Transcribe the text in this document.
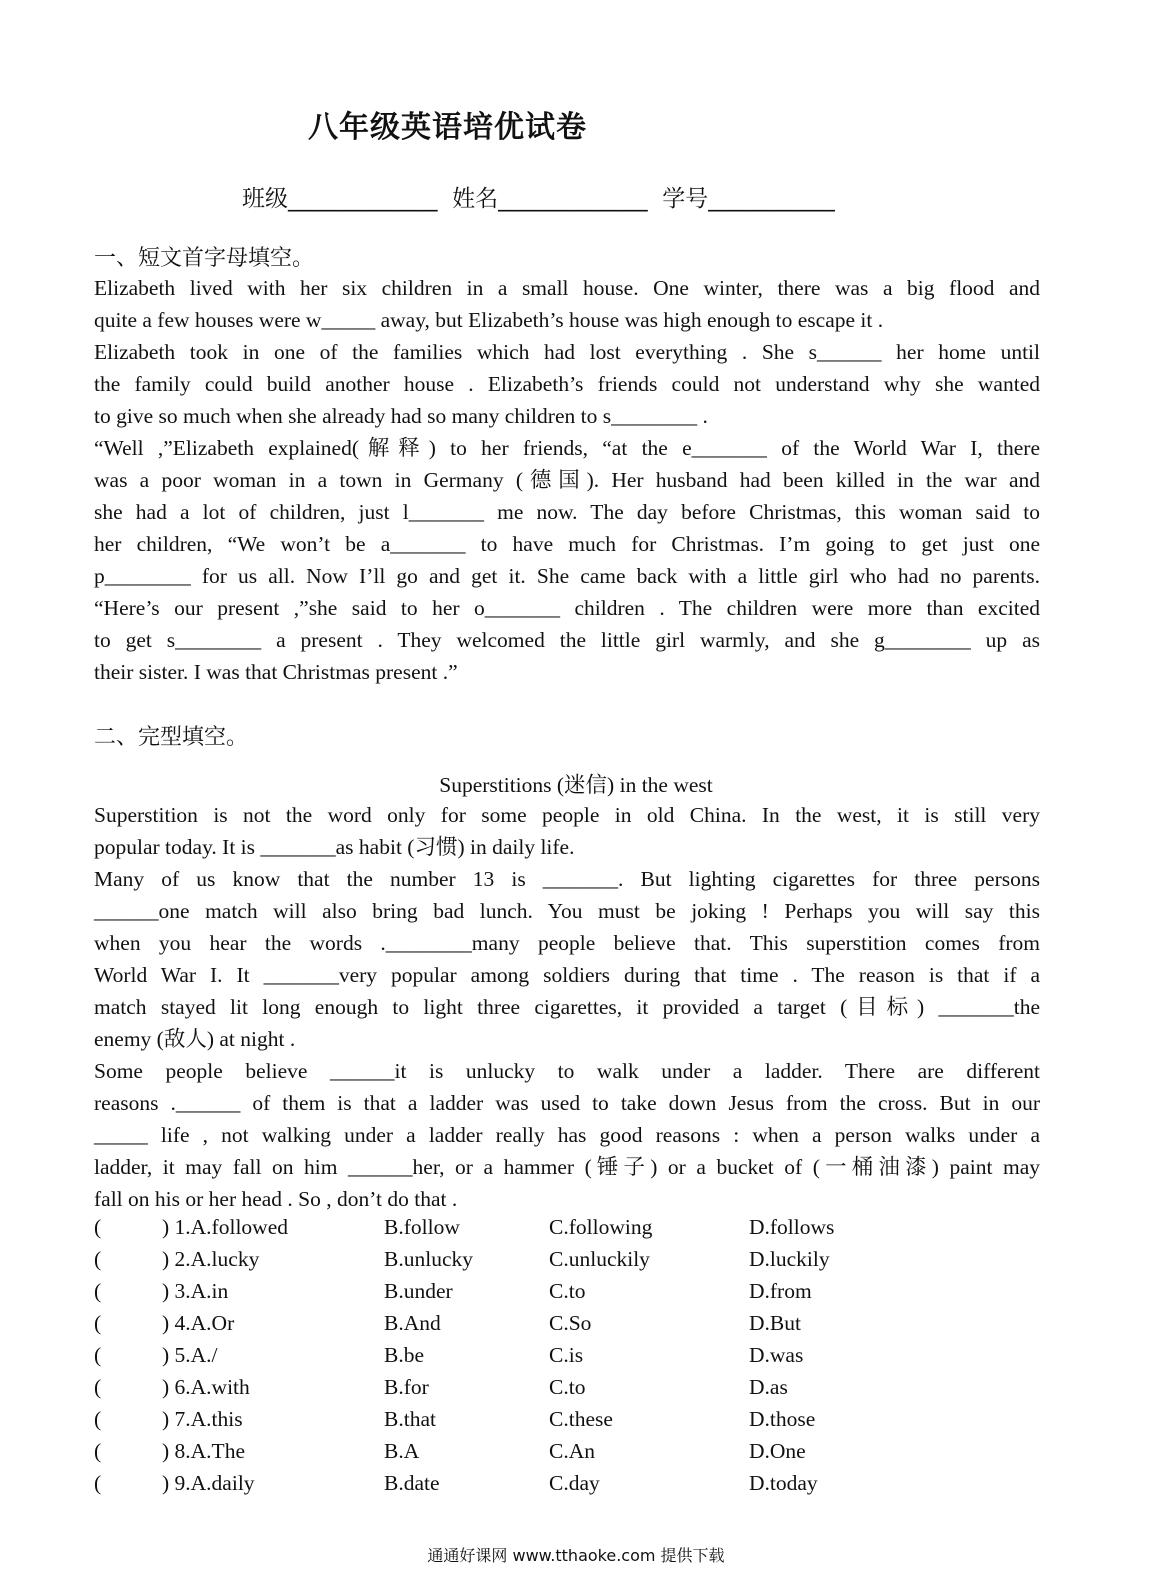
八年级英语培优试卷
班级_____________  姓名_____________  学号___________
一、短文首字母填空。
Elizabeth lived with her six children in a small house. One winter, there was a big flood and
quite a few houses were w_____ away, but Elizabeth’s house was high enough to escape it .
Elizabeth took in one of the families which had lost everything . She s______ her home until
the family could build another house . Elizabeth’s friends could not understand why she wanted
to give so much when she already had so many children to s________ .
“Well ,”Elizabeth explained(解释) to her friends, “at the e_______ of the World War I, there
was a poor woman in a town in Germany (德国). Her husband had been killed in the war and
she had a lot of children, just l_______ me now. The day before Christmas, this woman said to
her children, “We won’t be a_______ to have much for Christmas. I’m going to get just one
p________ for us all. Now I’ll go and get it. She came back with a little girl who had no parents.
“Here’s our present ,”she said to her o_______ children . The children were more than excited
to get s________ a present . They welcomed the little girl warmly, and she g________ up as
their sister. I was that Christmas present .”
二、完型填空。
Superstitions (迷信) in the west
Superstition is not the word only for some people in old China. In the west, it is still very
popular today. It is _______as habit (习惯) in daily life.
Many of us know that the number 13 is _______. But lighting cigarettes for three persons
______one match will also bring bad lunch. You must be joking ! Perhaps you will say this
when you hear the words .________many people believe that. This superstition comes from
World War I. It _______very popular among soldiers during that time . The reason is that if a
match stayed lit long enough to light three cigarettes, it provided a target (目标) _______the
enemy (敌人) at night .
Some people believe ______it is unlucky to walk under a ladder. There are different
reasons .______ of them is that a ladder was used to take down Jesus from the cross. But in our
_____ life , not walking under a ladder really has good reasons : when a person walks under a
ladder, it may fall on him ______her, or a hammer (锤子) or a bucket of (一桶油漆) paint may
fall on his or her head . So , don’t do that .
(	) 1.A.followed	B.follow	C.following	D.follows
(	) 2.A.lucky	B.unlucky	C.unluckily	D.luckily
(	) 3.A.in	B.under	C.to	D.from
(	) 4.A.Or	B.And	C.So	D.But
(	) 5.A./	B.be	C.is	D.was
(	) 6.A.with	B.for	C.to	D.as
(	) 7.A.this	B.that	C.these	D.those
(	) 8.A.The	B.A	C.An	D.One
(	) 9.A.daily	B.date	C.day	D.today
通通好课网 www.tthaoke.com 提供下载
